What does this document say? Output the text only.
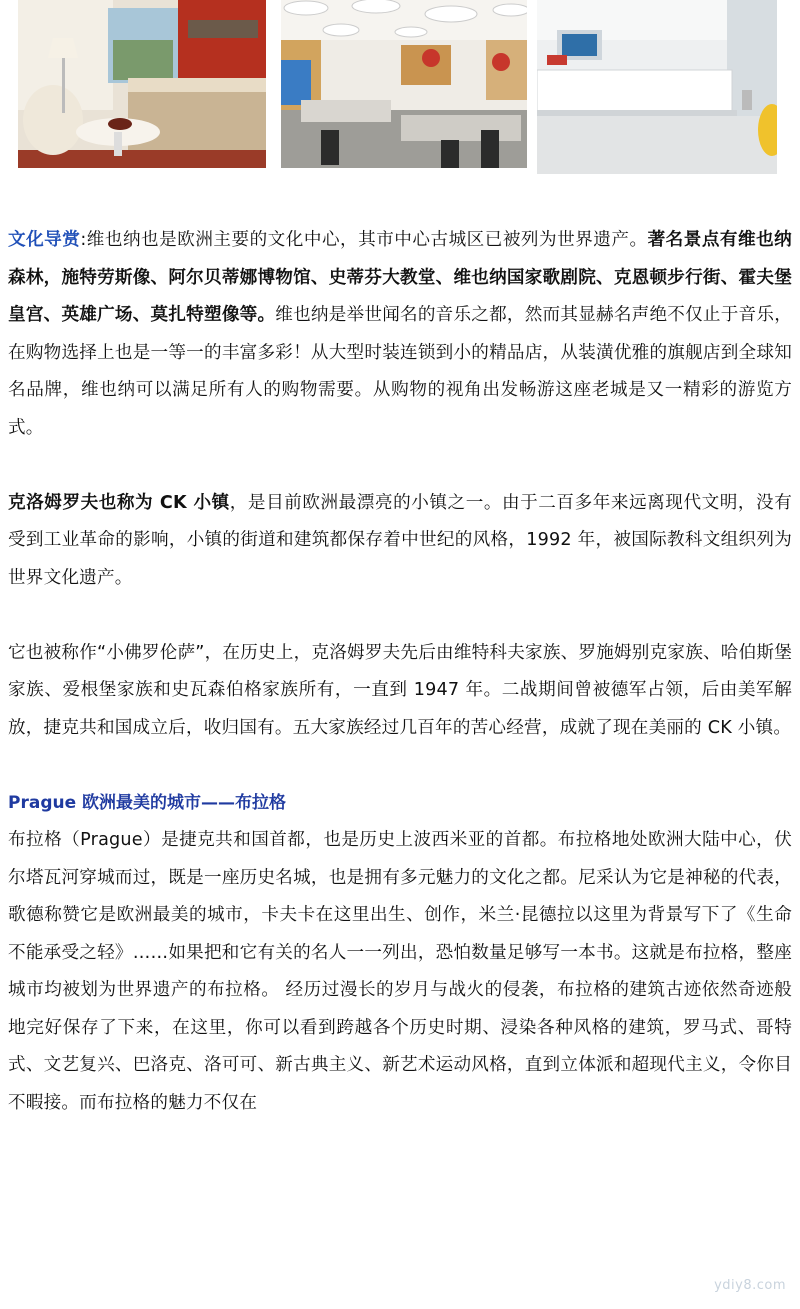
文化导赏:维也纳也是欧洲主要的文化中心，其市中心古城区已被列为世界遗产。著名景点有维也纳森林，施特劳斯像、阿尔贝蒂娜博物馆、史蒂芬大教堂、维也纳国家歌剧院、克恩顿步行街、霍夫堡皇宫、英雄广场、莫扎特塑像等。维也纳是举世闻名的音乐之都，然而其显赫名声绝不仅止于音乐，在购物选择上也是一等一的丰富多彩！从大型时装连锁到小的精品店，从装潢优雅的旗舰店到全球知名品牌，维也纳可以满足所有人的购物需要。从购物的视角出发畅游这座老城是又一精彩的游览方式。

克洛姆罗夫也称为 CK 小镇，是目前欧洲最漂亮的小镇之一。由于二百多年来远离现代文明，没有受到工业革命的影响，小镇的街道和建筑都保存着中世纪的风格，1992 年，被国际教科文组织列为世界文化遗产。

它也被称作“小佛罗伦萨”，在历史上，克洛姆罗夫先后由维特科夫家族、罗施姆别克家族、哈伯斯堡家族、爱根堡家族和史瓦森伯格家族所有，一直到 1947 年。二战期间曾被德军占领，后由美军解放，捷克共和国成立后，收归国有。五大家族经过几百年的苦心经营，成就了现在美丽的 CK 小镇。

Prague 欧洲最美的城市——布拉格

布拉格（Prague）是捷克共和国首都，也是历史上波西米亚的首都。布拉格地处欧洲大陆中心，伏尔塔瓦河穿城而过，既是一座历史名城，也是拥有多元魅力的文化之都。尼采认为它是神秘的代表，歌德称赞它是欧洲最美的城市，卡夫卡在这里出生、创作，米兰·昆德拉以这里为背景写下了《生命不能承受之轻》……如果把和它有关的名人一一列出，恐怕数量足够写一本书。这就是布拉格，整座城市均被划为世界遗产的布拉格。 经历过漫长的岁月与战火的侵袭，布拉格的建筑古迹依然奇迹般地完好保存了下来，在这里，你可以看到跨越各个历史时期、浸染各种风格的建筑，罗马式、哥特式、文艺复兴、巴洛克、洛可可、新古典主义、新艺术运动风格，直到立体派和超现代主义，令你目不暇接。而布拉格的魅力不仅在

ydiy8.com
